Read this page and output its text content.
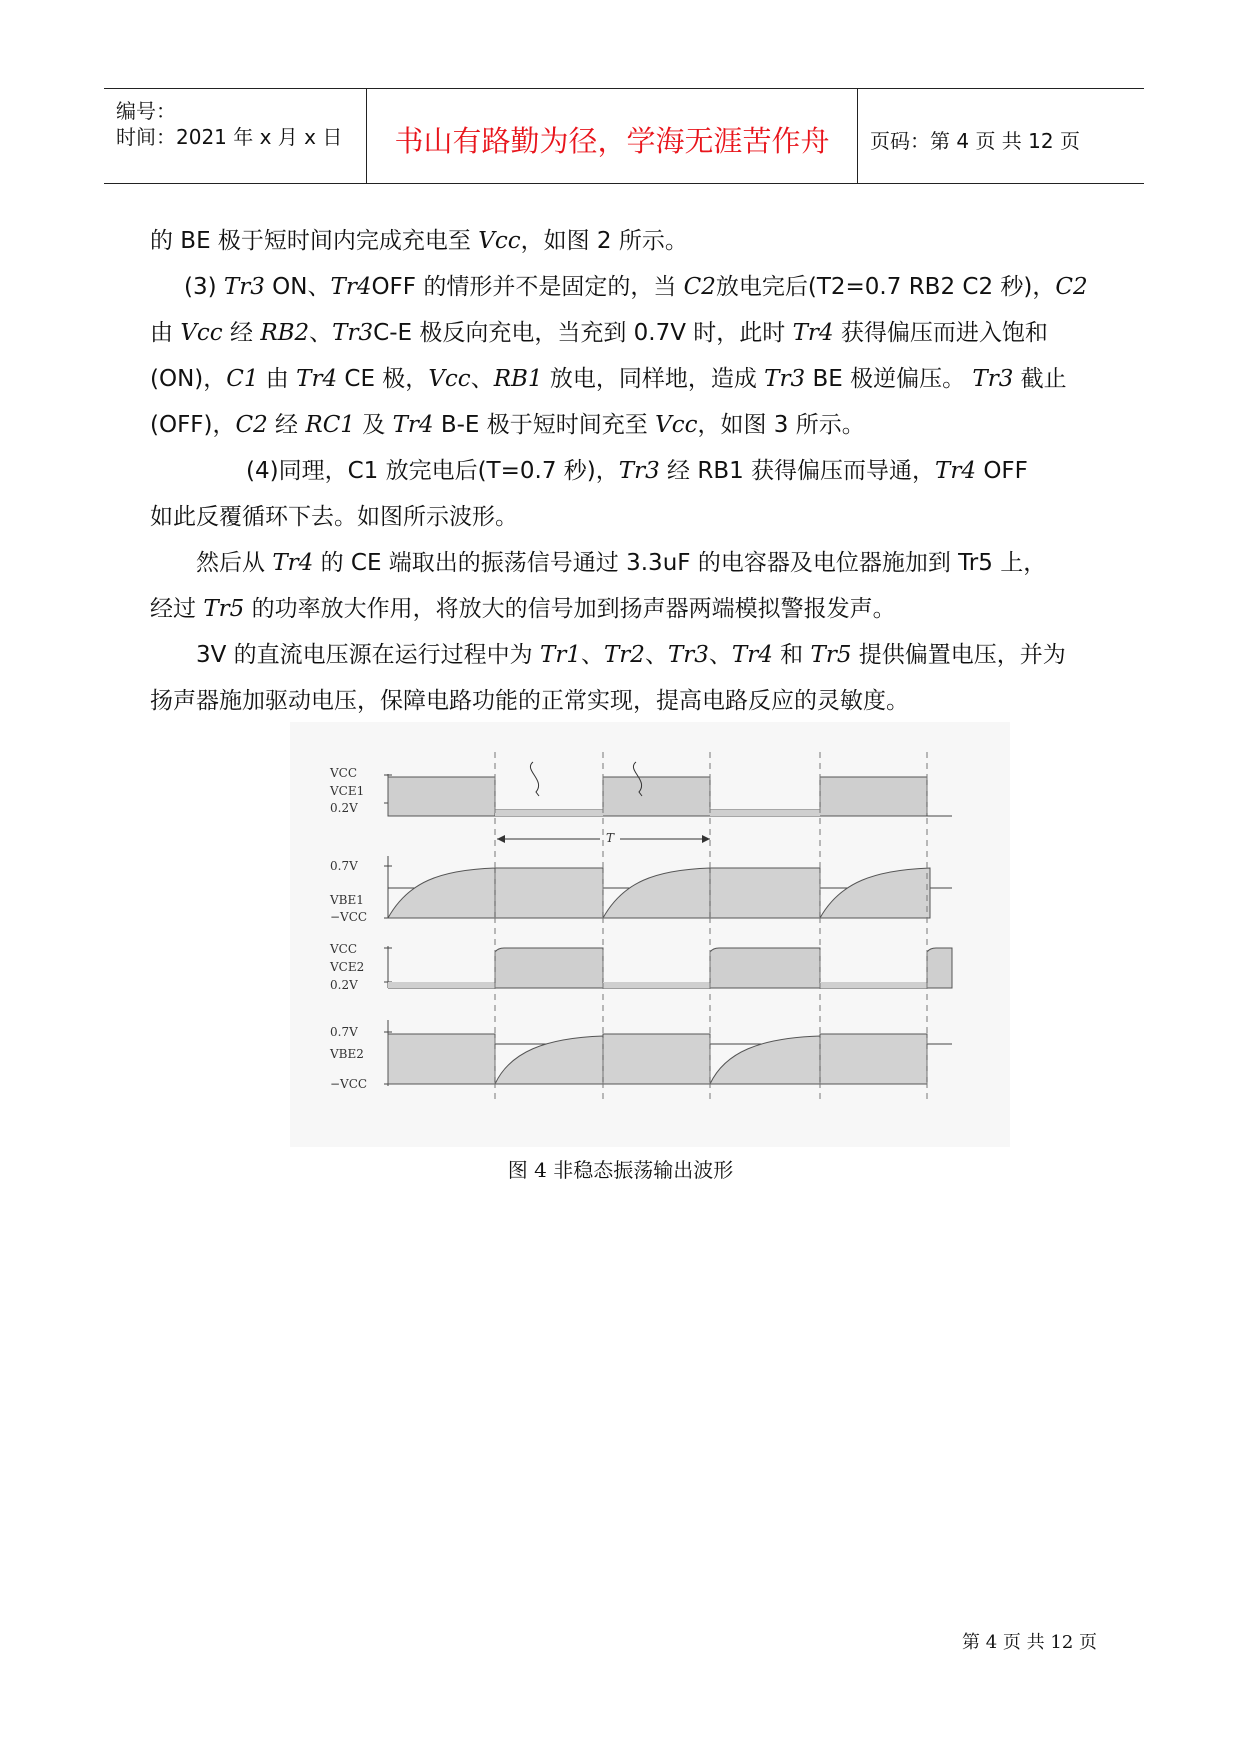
编号：
时间：2021 年 x 月 x 日	书山有路勤为径，学海无涯苦作舟	页码：第 4 页 共 12 页

的 BE 极于短时间内完成充电至 Vcc，如图 2 所示。

(3) Tr3 ON、Tr4OFF 的情形并不是固定的，当 C2放电完后(T2=0.7 RB2 C2 秒)，C2

由 Vcc 经 RB2、Tr3C-E 极反向充电，当充到 0.7V 时，此时 Tr4 获得偏压而进入饱和

(ON)，C1 由 Tr4 CE 极，Vcc、RB1 放电，同样地，造成 Tr3 BE 极逆偏压。 Tr3 截止

(OFF)，C2 经 RC1 及 Tr4 B-E 极于短时间充至 Vcc，如图 3 所示。

(4)同理，C1 放完电后(T=0.7 秒)，Tr3 经 RB1 获得偏压而导通，Tr4 OFF

如此反覆循环下去。如图所示波形。

然后从 Tr4 的 CE 端取出的振荡信号通过 3.3uF 的电容器及电位器施加到 Tr5 上，

经过 Tr5 的功率放大作用，将放大的信号加到扬声器两端模拟警报发声。

3V 的直流电压源在运行过程中为 Tr1、Tr2、Tr3、Tr4 和 Tr5 提供偏置电压，并为

扬声器施加驱动电压，保障电路功能的正常实现，提高电路反应的灵敏度。

VCC
VCE1
0.2V
T
0.7V
VBE1
−VCC
VCC
VCE2
0.2V
0.7V
VBE2
−VCC
图 4 非稳态振荡输出波形
第 4 页 共 12 页
